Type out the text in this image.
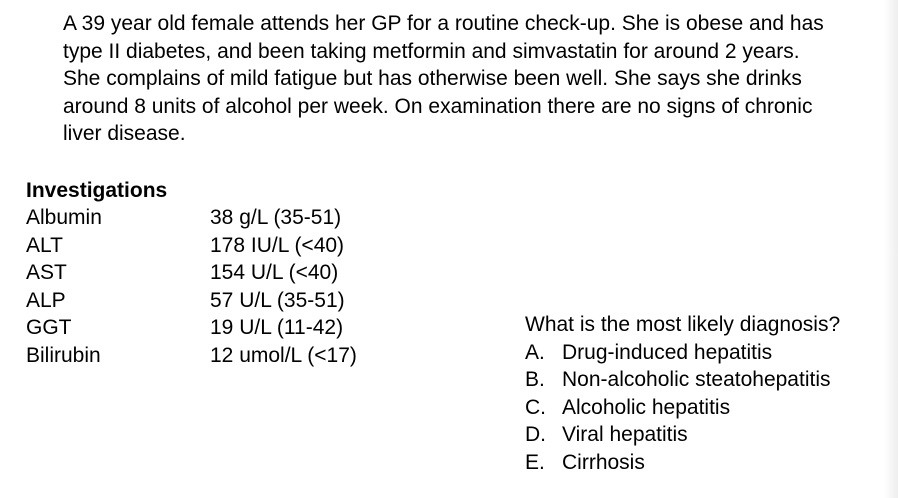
A 39 year old female attends her GP for a routine check-up. She is obese and has
type II diabetes, and been taking metformin and simvastatin for around 2 years.
She complains of mild fatigue but has otherwise been well. She says she drinks
around 8 units of alcohol per week. On examination there are no signs of chronic
liver disease.

Investigations
Albumin	38 g/L (35-51)
ALT	178 IU/L (<40)
AST	154 U/L (<40)
ALP	57 U/L (35-51)
GGT	19 U/L (11-42)
Bilirubin	12 umol/L (<17)
What is the most likely diagnosis?
A. Drug-induced hepatitis
B. Non-alcoholic steatohepatitis
C. Alcoholic hepatitis
D. Viral hepatitis
E. Cirrhosis
